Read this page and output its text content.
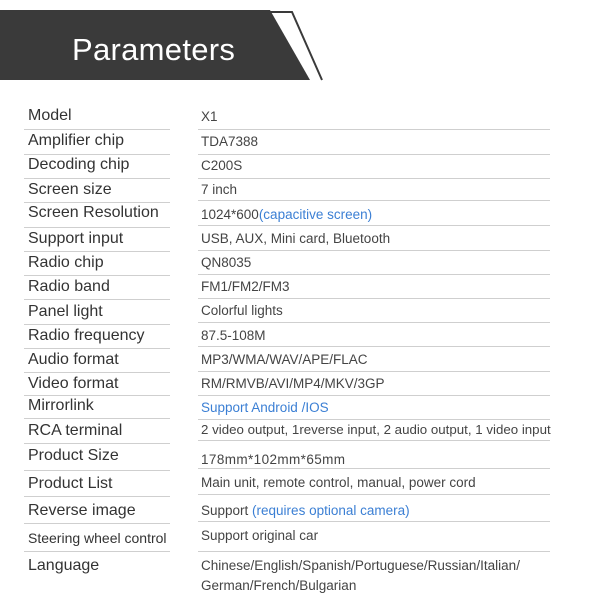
Parameters
Model	X1
Amplifier chip	TDA7388
Decoding chip	C200S
Screen size	7 inch
Screen Resolution	1024*600(capacitive screen)
Support input	USB, AUX, Mini card, Bluetooth
Radio chip	QN8035
Radio band	FM1/FM2/FM3
Panel light	Colorful lights
Radio frequency	87.5-108M
Audio format	MP3/WMA/WAV/APE/FLAC
Video format	RM/RMVB/AVI/MP4/MKV/3GP
Mirrorlink	Support Android /IOS
RCA terminal	2 video output, 1reverse input, 2 audio output, 1 video input
Product Size	178mm*102mm*65mm
Product List	Main unit, remote control, manual, power cord
Reverse image	Support (requires optional camera)
Steering wheel control	Support original car
Language	Chinese/English/Spanish/Portuguese/Russian/Italian/ German/French/Bulgarian
